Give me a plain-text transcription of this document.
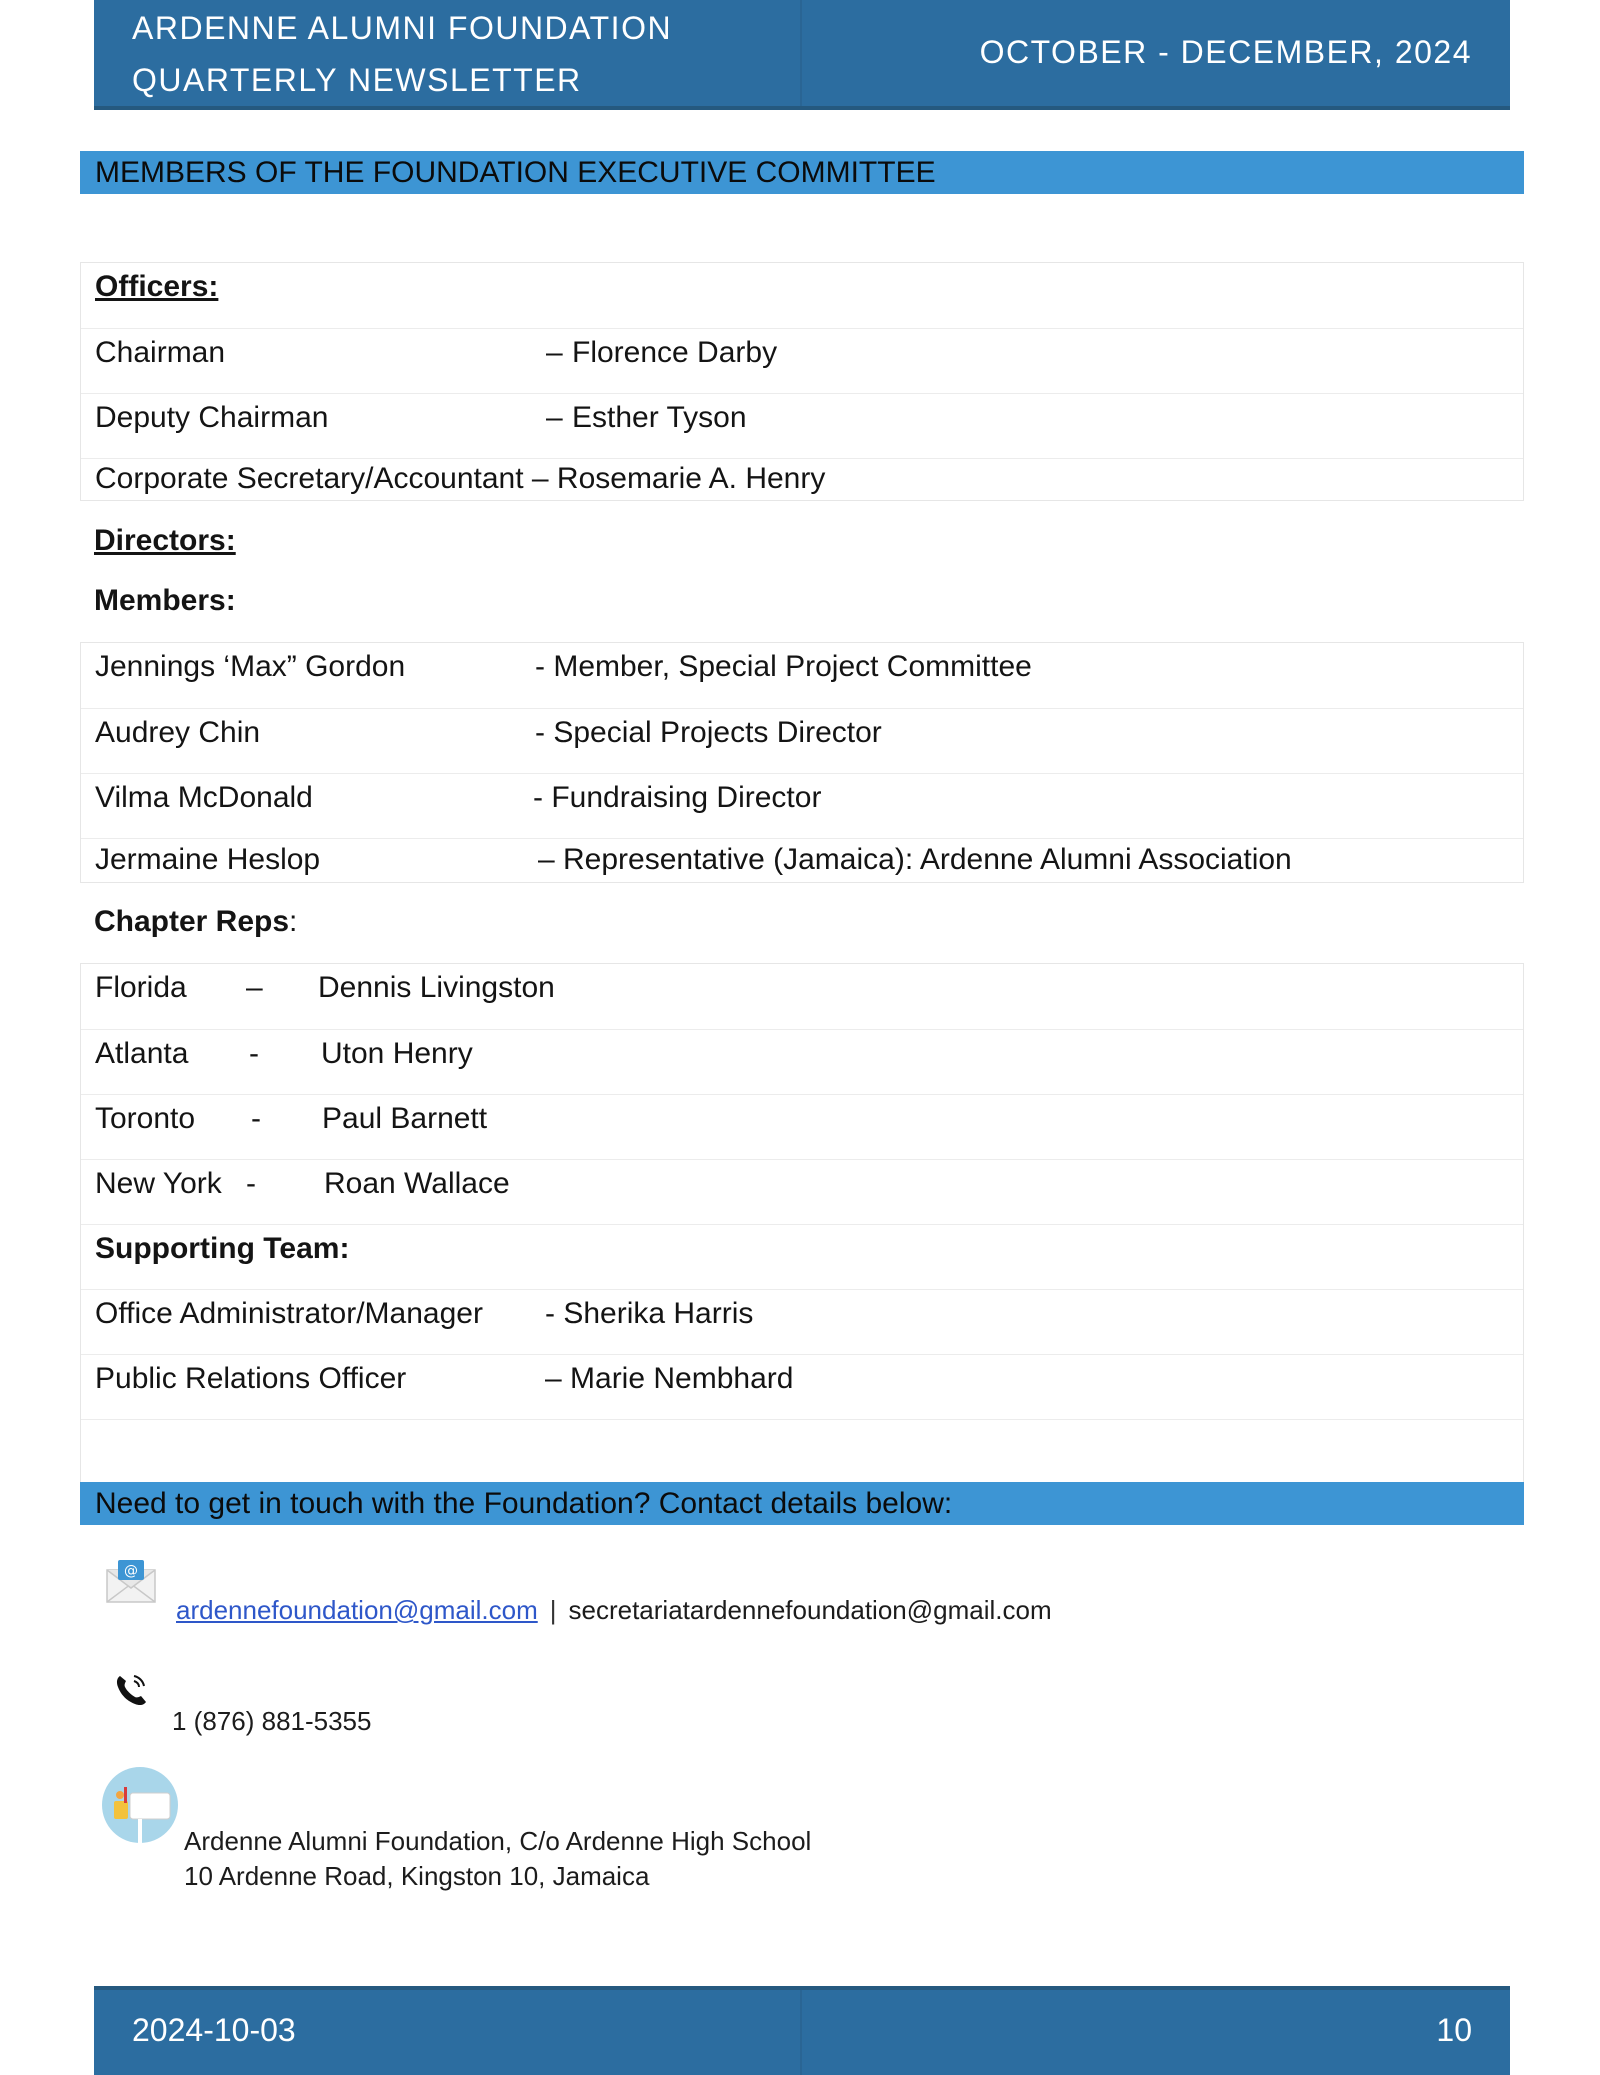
ARDENNE ALUMNI FOUNDATION
QUARTERLY NEWSLETTER
OCTOBER - DECEMBER, 2024
MEMBERS OF THE FOUNDATION EXECUTIVE COMMITTEE
Officers:
Chairman	– Florence Darby
Deputy Chairman	– Esther Tyson
Corporate Secretary/Accountant – Rosemarie A. Henry
Directors:
Members:
Jennings ‘Max” Gordon	- Member, Special Project Committee
Audrey Chin	- Special Projects Director
Vilma McDonald	- Fundraising Director
Jermaine Heslop	– Representative (Jamaica): Ardenne Alumni Association
Chapter Reps:
Florida – Dennis Livingston
Atlanta - Uton Henry
Toronto - Paul Barnett
New York - Roan Wallace
Supporting Team:
Office Administrator/Manager - Sherika Harris
Public Relations Officer	– Marie Nembhard
Need to get in touch with the Foundation? Contact details below:
@
ardennefoundation@gmail.com | secretariatardennefoundation@gmail.com
1 (876) 881-5355
Ardenne Alumni Foundation, C/o Ardenne High School
10 Ardenne Road, Kingston 10, Jamaica
2024-10-03	10
